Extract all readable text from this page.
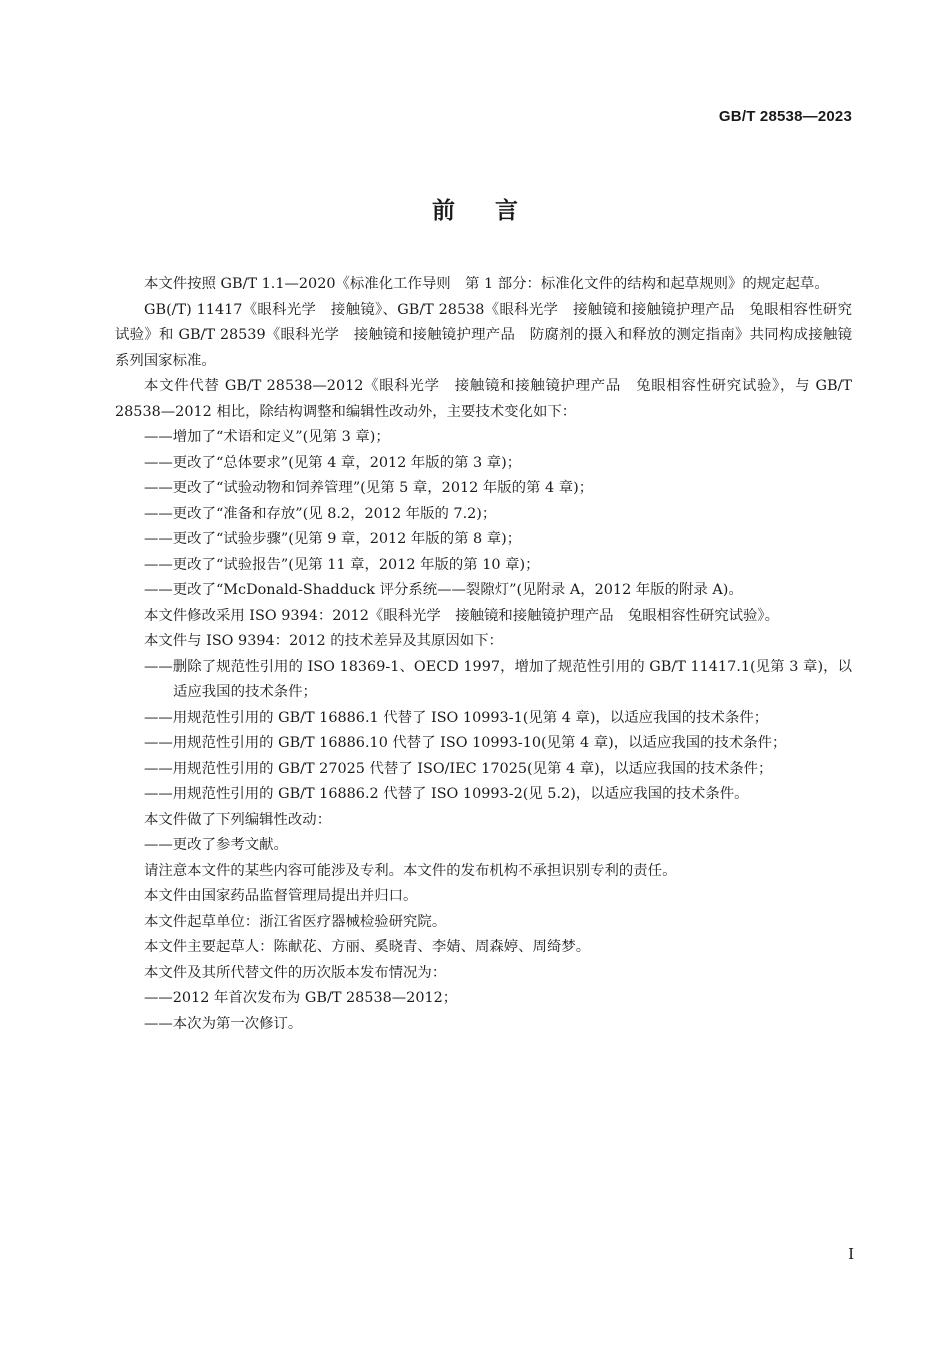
GB/T 28538—2023
前言

本文件按照 GB/T 1.1—2020《标准化工作导则　第 1 部分：标准化文件的结构和起草规则》的规定起草。

GB(/T) 11417《眼科光学　接触镜》、GB/T 28538《眼科光学　接触镜和接触镜护理产品　兔眼相容性研究试验》和 GB/T 28539《眼科光学　接触镜和接触镜护理产品　防腐剂的摄入和释放的测定指南》共同构成接触镜系列国家标准。

本文件代替 GB/T 28538—2012《眼科光学　接触镜和接触镜护理产品　兔眼相容性研究试验》，与 GB/T 28538—2012 相比，除结构调整和编辑性改动外，主要技术变化如下：

——增加了“术语和定义”(见第 3 章)；

——更改了“总体要求”(见第 4 章，2012 年版的第 3 章)；

——更改了“试验动物和饲养管理”(见第 5 章，2012 年版的第 4 章)；

——更改了“准备和存放”(见 8.2，2012 年版的 7.2)；

——更改了“试验步骤”(见第 9 章，2012 年版的第 8 章)；

——更改了“试验报告”(见第 11 章，2012 年版的第 10 章)；

——更改了“McDonald-Shadduck 评分系统——裂隙灯”(见附录 A，2012 年版的附录 A)。

本文件修改采用 ISO 9394：2012《眼科光学　接触镜和接触镜护理产品　兔眼相容性研究试验》。

本文件与 ISO 9394：2012 的技术差异及其原因如下：

——删除了规范性引用的 ISO 18369-1、OECD 1997，增加了规范性引用的 GB/T 11417.1(见第 3 章)，以适应我国的技术条件；

——用规范性引用的 GB/T 16886.1 代替了 ISO 10993-1(见第 4 章)，以适应我国的技术条件；

——用规范性引用的 GB/T 16886.10 代替了 ISO 10993-10(见第 4 章)，以适应我国的技术条件；

——用规范性引用的 GB/T 27025 代替了 ISO/IEC 17025(见第 4 章)，以适应我国的技术条件；

——用规范性引用的 GB/T 16886.2 代替了 ISO 10993-2(见 5.2)，以适应我国的技术条件。

本文件做了下列编辑性改动：

——更改了参考文献。

请注意本文件的某些内容可能涉及专利。本文件的发布机构不承担识别专利的责任。

本文件由国家药品监督管理局提出并归口。

本文件起草单位：浙江省医疗器械检验研究院。

本文件主要起草人：陈献花、方丽、奚晓青、李婧、周森婷、周绮梦。

本文件及其所代替文件的历次版本发布情况为：

——2012 年首次发布为 GB/T 28538—2012；

——本次为第一次修订。

I
